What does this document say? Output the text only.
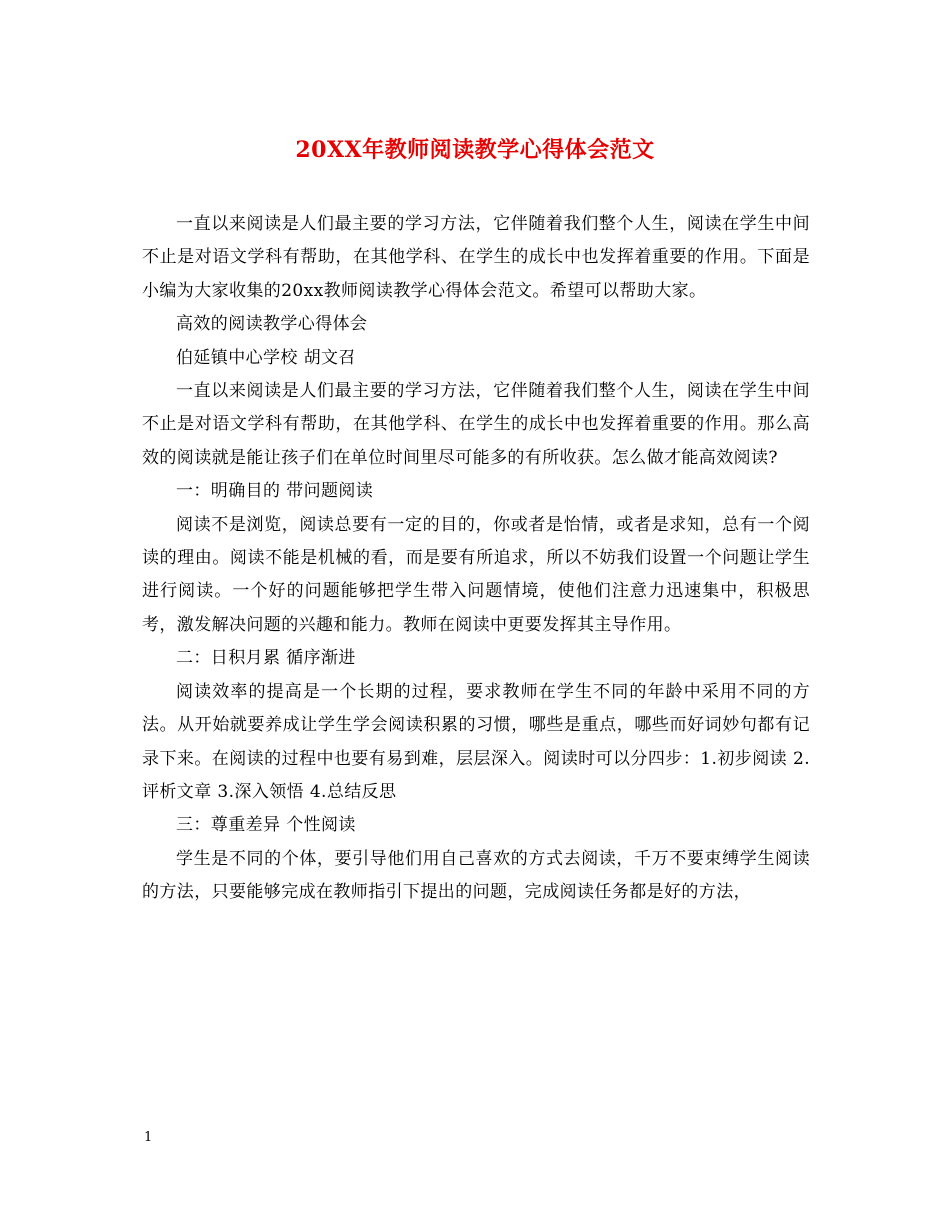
20XX年教师阅读教学心得体会范文

一直以来阅读是人们最主要的学习方法，它伴随着我们整个人生，阅读在学生中间不止是对语文学科有帮助，在其他学科、在学生的成长中也发挥着重要的作用。下面是小编为大家收集的20xx教师阅读教学心得体会范文。希望可以帮助大家。

高效的阅读教学心得体会

伯延镇中心学校 胡文召

一直以来阅读是人们最主要的学习方法，它伴随着我们整个人生，阅读在学生中间不止是对语文学科有帮助，在其他学科、在学生的成长中也发挥着重要的作用。那么高效的阅读就是能让孩子们在单位时间里尽可能多的有所收获。怎么做才能高效阅读?

一：明确目的 带问题阅读

阅读不是浏览，阅读总要有一定的目的，你或者是怡情，或者是求知，总有一个阅读的理由。阅读不能是机械的看，而是要有所追求，所以不妨我们设置一个问题让学生进行阅读。一个好的问题能够把学生带入问题情境，使他们注意力迅速集中，积极思考，激发解决问题的兴趣和能力。教师在阅读中更要发挥其主导作用。

二：日积月累 循序渐进

阅读效率的提高是一个长期的过程，要求教师在学生不同的年龄中采用不同的方法。从开始就要养成让学生学会阅读积累的习惯，哪些是重点，哪些而好词妙句都有记录下来。在阅读的过程中也要有易到难，层层深入。阅读时可以分四步：1.初步阅读 2.评析文章 3.深入领悟 4.总结反思

三：尊重差异 个性阅读

学生是不同的个体，要引导他们用自己喜欢的方式去阅读，千万不要束缚学生阅读的方法，只要能够完成在教师指引下提出的问题，完成阅读任务都是好的方法，

1
